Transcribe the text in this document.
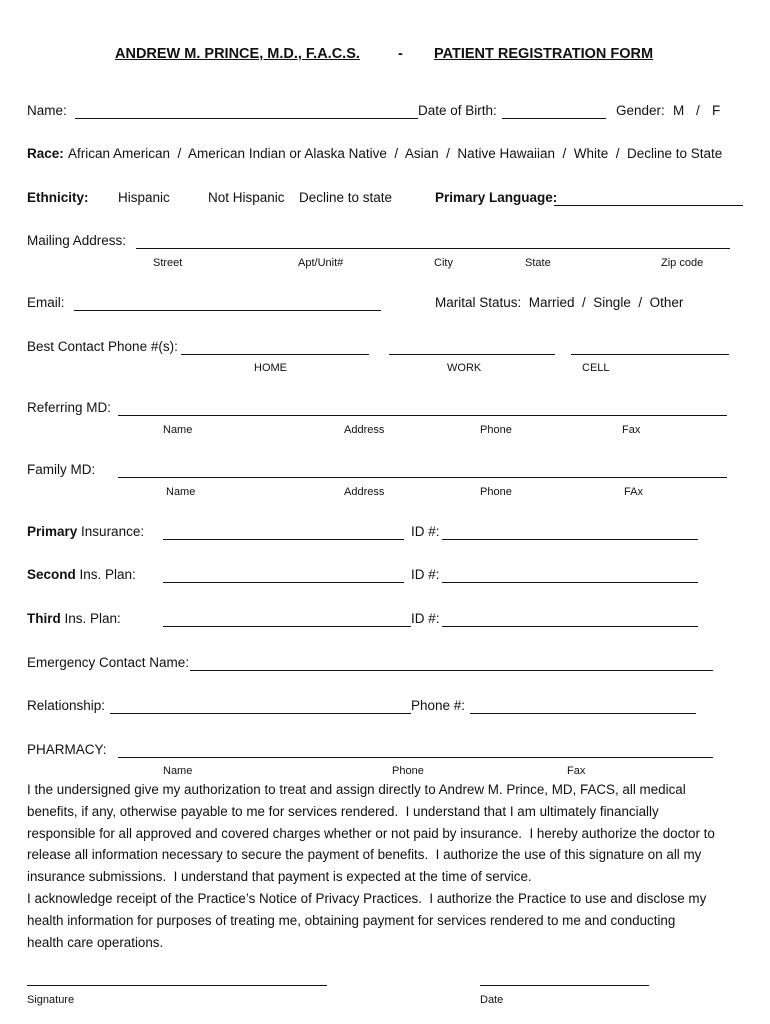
ANDREW M. PRINCE, M.D., F.A.C.S.	- PATIENT REGISTRATION FORM
Name:	Date of Birth:	Gender: M / F
Race: African American  /  American Indian or Alaska Native  /  Asian  /  Native Hawaiian  /  White  /  Decline to State
Ethnicity: Hispanic	Not Hispanic Decline to state	Primary Language:
Mailing Address:
Street	Apt/Unit#	City	State	Zip code
Email:	Marital Status:  Married  /  Single  /  Other
Best Contact Phone #(s):
HOME	WORK	CELL
Referring MD:
Name	Address	Phone	Fax
Family MD:
Name	Address	Phone	FAx
Primary Insurance:	ID #:
Second Ins. Plan:	ID #:
Third Ins. Plan:	ID #:
Emergency Contact Name:
Relationship:	Phone #:
PHARMACY:
Name	Phone	Fax

I the undersigned give my authorization to treat and assign directly to Andrew M. Prince, MD, FACS, all medical

benefits, if any, otherwise payable to me for services rendered.  I understand that I am ultimately financially

responsible for all approved and covered charges whether or not paid by insurance.  I hereby authorize the doctor to

release all information necessary to secure the payment of benefits.  I authorize the use of this signature on all my

insurance submissions.  I understand that payment is expected at the time of service.

I acknowledge receipt of the Practice’s Notice of Privacy Practices.  I authorize the Practice to use and disclose my

health information for purposes of treating me, obtaining payment for services rendered to me and conducting

health care operations.

Signature	Date
